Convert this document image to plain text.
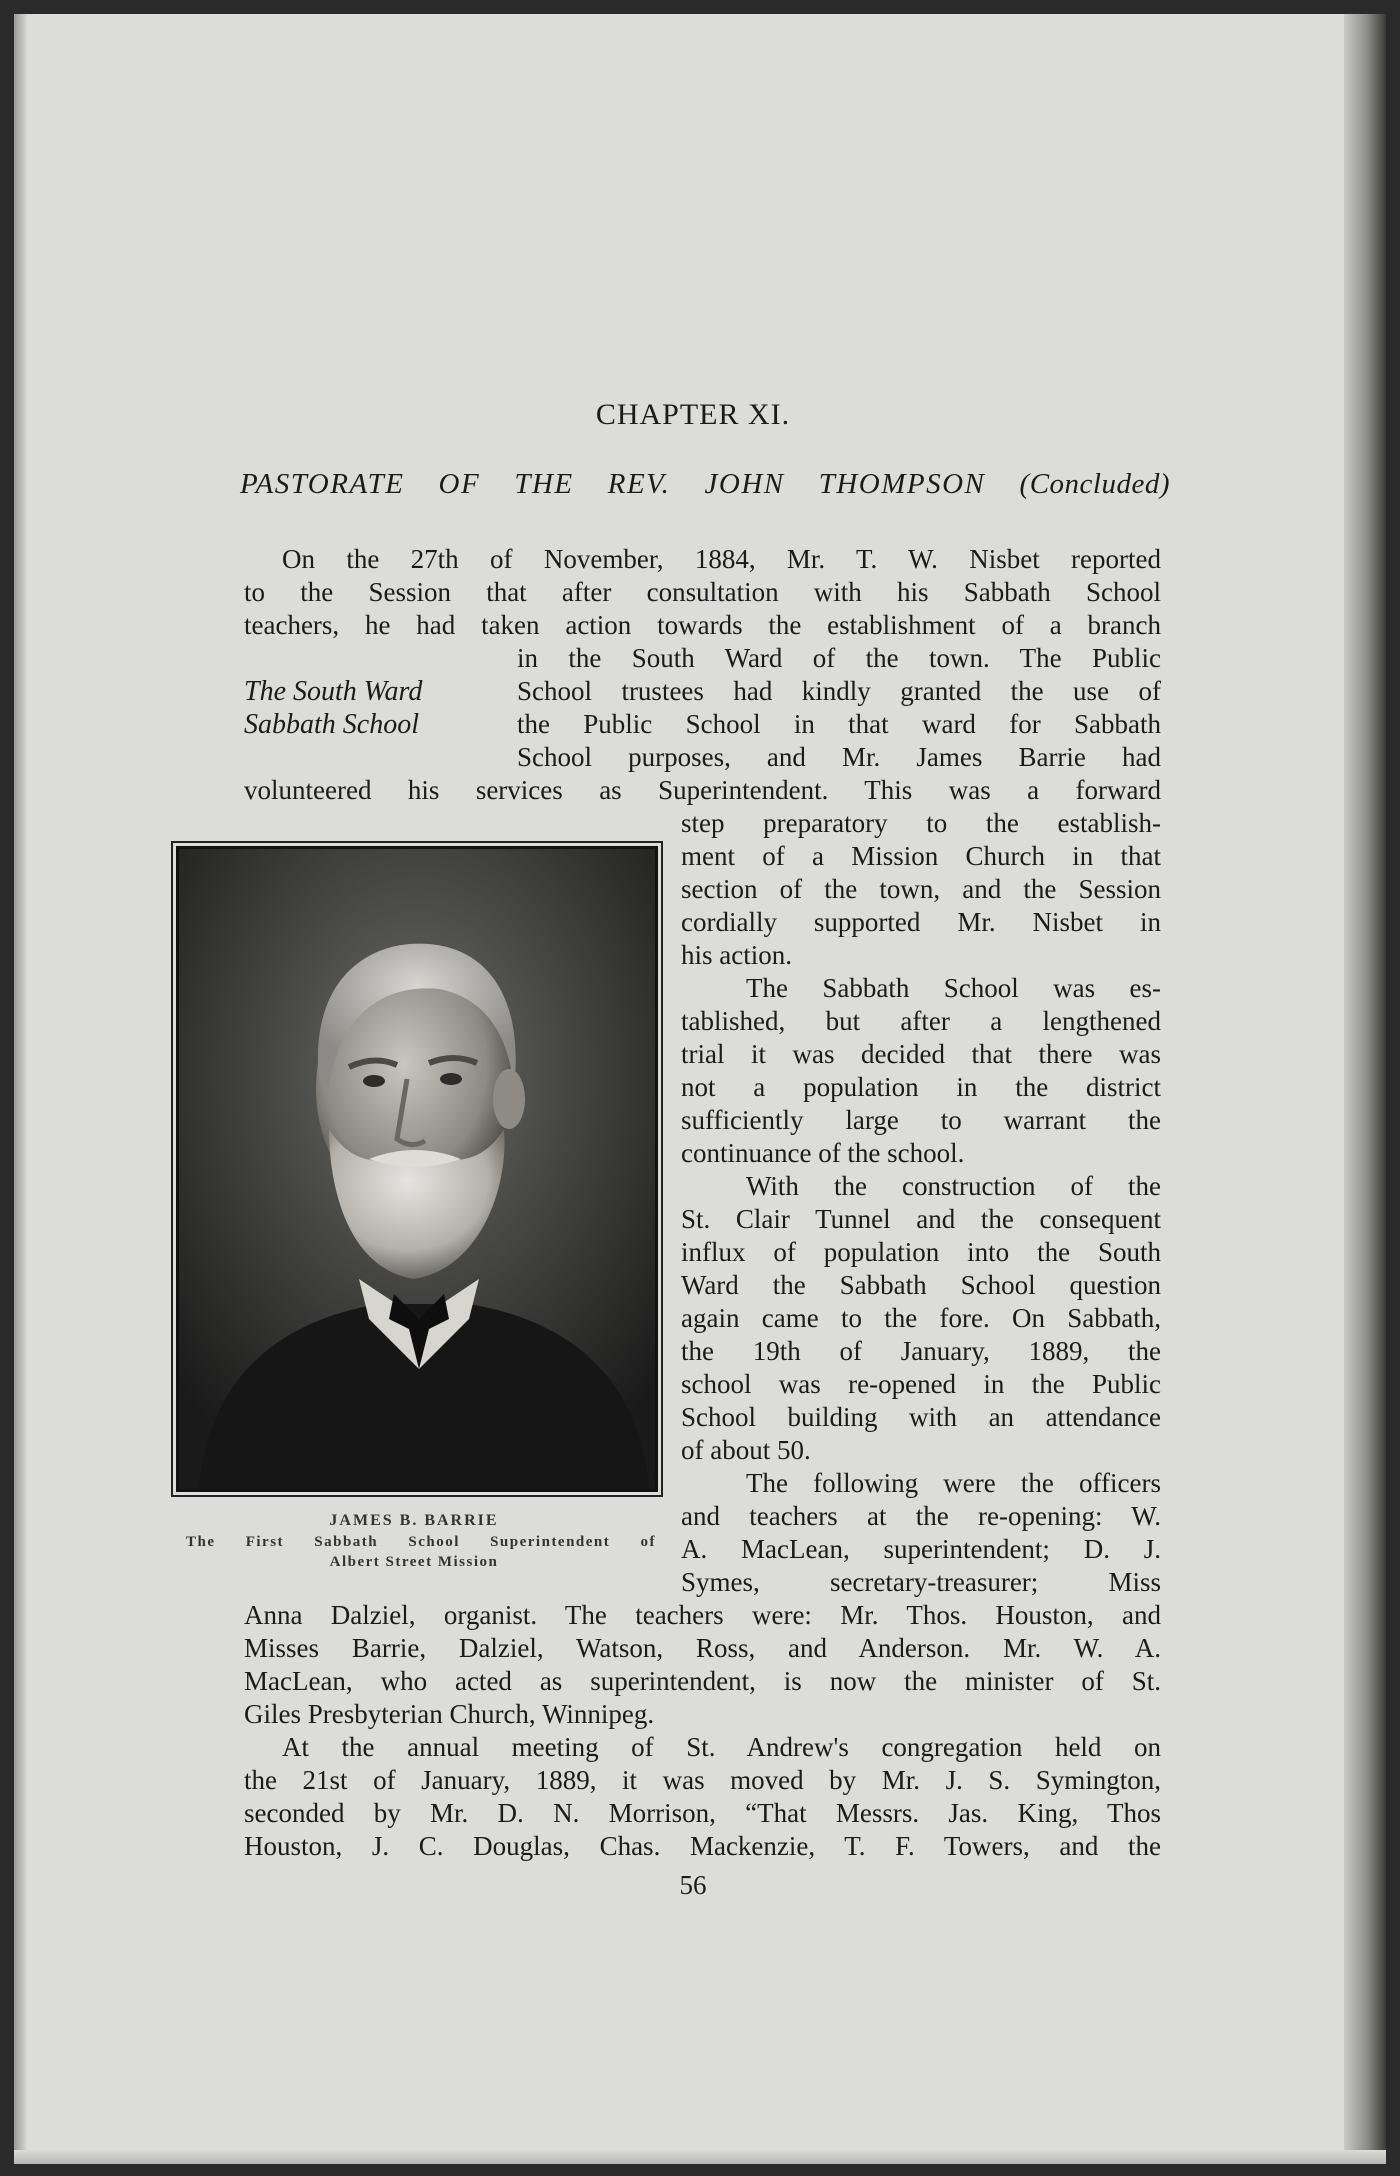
CHAPTER XI.
PASTORATE OF THE REV. JOHN THOMPSON (Concluded)
On the 27th of November, 1884, Mr. T. W. Nisbet reported
to the Session that after consultation with his Sabbath School
teachers, he had taken action towards the establishment of a branch
in the South Ward of the town. The Public
School trustees had kindly granted the use of
the Public School in that ward for Sabbath
School purposes, and Mr. James Barrie had
volunteered his services as Superintendent. This was a forward
The South Ward
Sabbath School
step preparatory to the establish-
ment of a Mission Church in that
section of the town, and the Session
cordially supported Mr. Nisbet in
his action.
The Sabbath School was es-
tablished, but after a lengthened
trial it was decided that there was
not a population in the district
sufficiently large to warrant the
continuance of the school.
With the construction of the
St. Clair Tunnel and the consequent
influx of population into the South
Ward the Sabbath School question
again came to the fore. On Sabbath,
the 19th of January, 1889, the
school was re-opened in the Public
School building with an attendance
of about 50.
The following were the officers
and teachers at the re-opening: W.
A. MacLean, superintendent; D. J.
Symes, secretary-treasurer; Miss
Anna Dalziel, organist. The teachers were: Mr. Thos. Houston, and
Misses Barrie, Dalziel, Watson, Ross, and Anderson. Mr. W. A.
MacLean, who acted as superintendent, is now the minister of St.
Giles Presbyterian Church, Winnipeg.
At the annual meeting of St. Andrew's congregation held on
the 21st of January, 1889, it was moved by Mr. J. S. Symington,
seconded by Mr. D. N. Morrison, “That Messrs. Jas. King, Thos
Houston, J. C. Douglas, Chas. Mackenzie, T. F. Towers, and the
JAMES B. BARRIE
The First Sabbath School Superintendent of
Albert Street Mission
56
